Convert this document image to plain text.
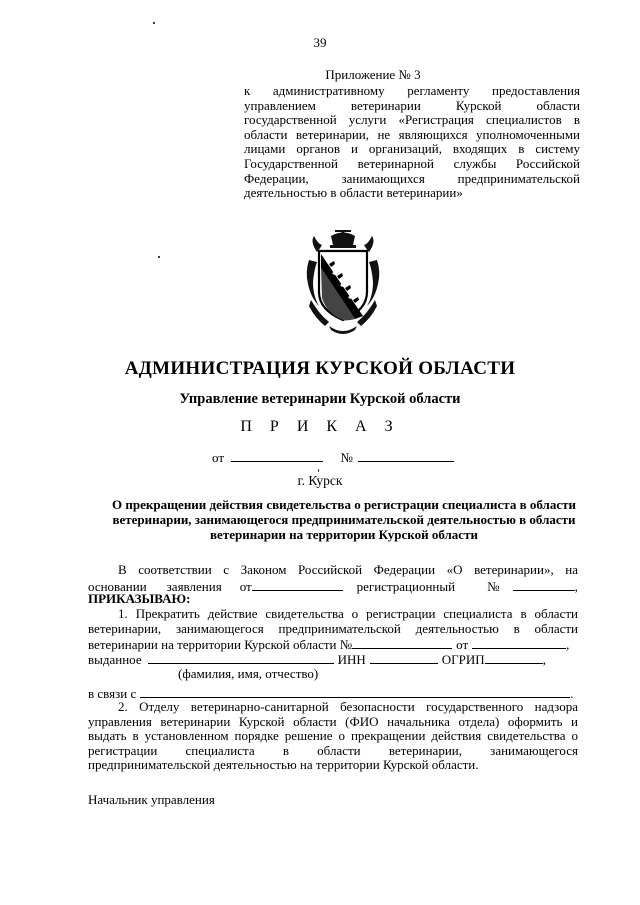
39
Приложение № 3
к административному регламенту предоставления
управлением ветеринарии Курской области
государственной услуги «Регистрация специалистов в
области ветеринарии, не являющихся уполномоченными
лицами органов и организаций, входящих в систему
Государственной ветеринарной службы Российской
Федерации, занимающихся предпринимательской
деятельностью в области ветеринарии»
АДМИНИСТРАЦИЯ КУРСКОЙ ОБЛАСТИ
Управление ветеринарии Курской области
П Р И К А З
от	№
г. Курск
О прекращении действия свидетельства о регистрации специалиста в области
ветеринарии, занимающегося предпринимательской деятельностью в области
ветеринарии на территории Курской области
В соответствии с Законом Российской Федерации «О ветеринарии», на
основании заявления от	регистрационный №	,
ПРИКАЗЫВАЮ:
1. Прекратить действие свидетельства о регистрации специалиста в области
ветеринарии, занимающегося предпринимательской деятельностью в области
ветеринарии на территории Курской области №	от	,
выданное	ИНН	ОГРИП	,
(фамилия, имя, отчество)
в связи с	.
2. Отделу ветеринарно-санитарной безопасности государственного надзора
управления ветеринарии Курской области (ФИО начальника отдела) оформить и
выдать в установленном порядке решение о прекращении действия свидетельства о
регистрации специалиста в области ветеринарии, занимающегося
предпринимательской деятельностью на территории Курской области.
Начальник управления
